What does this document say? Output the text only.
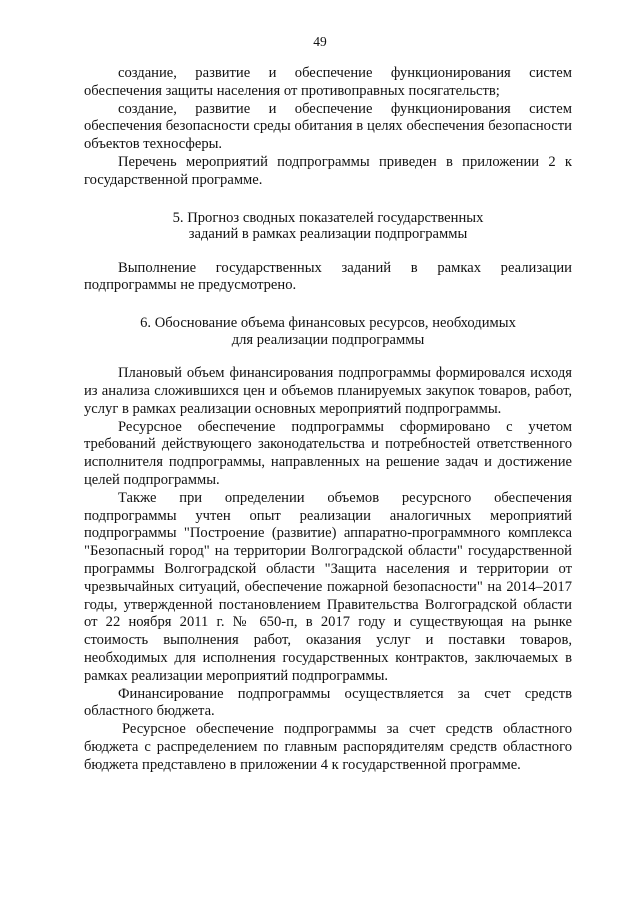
49

создание, развитие и обеспечение функционирования систем обеспечения защиты населения от противоправных посягательств;

создание, развитие и обеспечение функционирования систем обеспечения безопасности среды обитания в целях обеспечения безопасности объектов техносферы.

Перечень мероприятий подпрограммы приведен в приложении 2 к государственной программе.

5. Прогноз сводных показателей государственных
заданий в рамках реализации подпрограммы

Выполнение государственных заданий в рамках реализации подпрограммы не предусмотрено.

6. Обоснование объема финансовых ресурсов, необходимых
для реализации подпрограммы

Плановый объем финансирования подпрограммы формировался исходя из анализа сложившихся цен и объемов планируемых закупок товаров, работ, услуг в рамках реализации основных мероприятий подпрограммы.

Ресурсное обеспечение подпрограммы сформировано с учетом требований действующего законодательства и потребностей ответственного исполнителя подпрограммы, направленных на решение задач и достижение целей подпрограммы.

Также при определении объемов ресурсного обеспечения подпрограммы учтен опыт реализации аналогичных мероприятий подпрограммы "Построение (развитие) аппаратно-программного комплекса "Безопасный город" на территории Волгоградской области" государственной программы Волгоградской области "Защита населения и территории от чрезвычайных ситуаций, обеспечение пожарной безопасности" на 2014–2017 годы, утвержденной постановлением Правительства Волгоградской области от 22 ноября 2011 г. № 650-п, в 2017 году и существующая на рынке стоимость выполнения работ, оказания услуг и поставки товаров, необходимых для исполнения государственных контрактов, заключаемых в рамках реализации мероприятий подпрограммы.

Финансирование подпрограммы осуществляется за счет средств областного бюджета.

Ресурсное обеспечение подпрограммы за счет средств областного бюджета с распределением по главным распорядителям средств областного бюджета представлено в приложении 4 к государственной программе.
